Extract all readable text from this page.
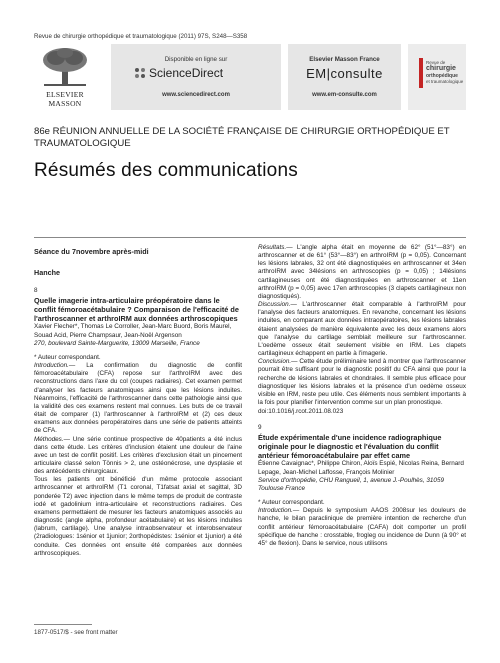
Revue de chirurgie orthopédique et traumatologique (2011) 97S, S248—S358
ELSEVIER
MASSON
Disponible en ligne sur
ScienceDirect
www.sciencedirect.com
Elsevier Masson France
EM|consulte
www.em-consulte.com
Revue de
chirurgie
orthopédique
et traumatologique
86e RÉUNION ANNUELLE DE LA SOCIÉTÉ FRANÇAISE DE CHIRURGIE ORTHOPÉDIQUE ET
TRAUMATOLOGIQUE
Résumés des communications
Séance du 7novembre après-midi
Hanche
8
Quelle imagerie intra-articulaire préopératoire dans le conflit fémoroacétabulaire ? Comparaison de l'efficacité de l'arthroscanner et arthroIRM aux données arthroscopiques
Xavier Flecher*, Thomas Le Corroller, Jean-Marc Buord, Boris Maurel, Souad Acid, Pierre Champsaur, Jean-Noël Argenson
270, boulevard Sainte-Marguerite, 13009 Marseille, France
* Auteur correspondant.

Introduction.— La confirmation du diagnostic de conflit fémoroacétabulaire (CFA) repose sur l'arthroIRM avec des reconstructions dans l'axe du col (coupes radiaires). Cet examen permet d'analyser les facteurs anatomiques ainsi que les lésions induites. Néanmoins, l'efficacité de l'arthroscanner dans cette pathologie ainsi que la validité des ces examens restent mal connues. Les buts de ce travail était de comparer (1) l'arthroscanner à l'arthroIRM et (2) ces deux examens aux données peropératoires dans une série de patients atteints de CFA.

Méthodes.— Une série continue prospective de 40patients a été inclus dans cette étude. Les critères d'inclusion étaient une douleur de l'aine avec un test de conflit positif. Les critères d'exclusion était un pincement articulaire classé selon Tönnis > 2, une ostéonécrose, une dysplasie et des antécédents chirurgicaux.

Tous les patients ont bénéficié d'un même protocole associant arthroscanner et arthroIRM (T1 coronal, T1fatsat axial et sagittal, 3D ponderée T2) avec injection dans le même temps de produit de contraste iodé et gadolinium intra-articulaire et reconstructions radiaires. Ces examens permettaient de mesurer les facteurs anatomiques associés au diagnostic (angle alpha, profondeur acétabulaire) et les lésions induites (labrum, cartilage). Une analyse intraobservateur et interobservateur (2radiologues: 1sénior et 1junior; 2orthopédistes: 1sénior et 1junior) a été conduite. Ces données ont ensuite été comparées aux données arthroscopiques.

Résultats.— L'angle alpha était en moyenne de 62° (51°—83°) en arthroscanner et de 61° (53°—83°) en arthroIRM (p = 0,05). Concernant les lésions labrales, 32 ont été diagnostiquées en arthroscanner et 34en arthroIRM avec 34lésions en arthroscopies (p = 0,05) ; 14lésions cartilagineuses ont été diagnostiquées en arthroscanner et 11en arthroIRM (p = 0,05) avec 17en arthroscopies (3 clapets cartilagineux non diagnostiqués).

Discussion.— L'arthroscanner était comparable à l'arthroIRM pour l'analyse des facteurs anatomiques. En revanche, concernant les lésions induites, en comparant aux données intraopératoires, les lésions labrales étaient analysées de manière équivalente avec les deux examens alors que l'analyse du cartilage semblait meilleure sur l'arthroscanner. L'oedème osseux était seulement visible en IRM. Les clapets cartilagineux échappent en partie à l'imagerie.

Conclusion.— Cette étude préliminaire tend à montrer que l'arthroscanner pourrait être suffisant pour le diagnostic positif du CFA ainsi que pour la recherche de lésions labrales et chondrales. Il semble plus efficace pour diagnostiquer les lésions labrales et la présence d'un oedème osseux visible en IRM, reste peu utile. Ces éléments nous semblent importants à la fois pour planifier l'intervention comme sur un plan pronostique.

doi:10.1016/j.rcot.2011.08.023
9
Étude expérimentale d'une incidence radiographique originale pour le diagnostic et l'évaluation du conflit antérieur fémoroacétabulaire par effet came
Étienne Cavaignac*, Philippe Chiron, Aloïs Espié, Nicolas Reina, Bernard Lepage, Jean-Michel Laffosse, François Molinier
Service d'orthopédie, CHU Rangueil, 1, avenue J.-Poulhès, 31059 Toulouse France
* Auteur correspondant.

Introduction.— Depuis le symposium AAOS 2008sur les douleurs de hanche, le bilan paraclinique de première intention de recherche d'un conflit antérieur fémoroacétabulaire (CAFA) doit comporter un profil spécifique de hanche : crosstable, frogleg ou incidence de Dunn (à 90° et 45° de flexion). Dans le service, nous utilisons

1877-0517/$ - see front matter
